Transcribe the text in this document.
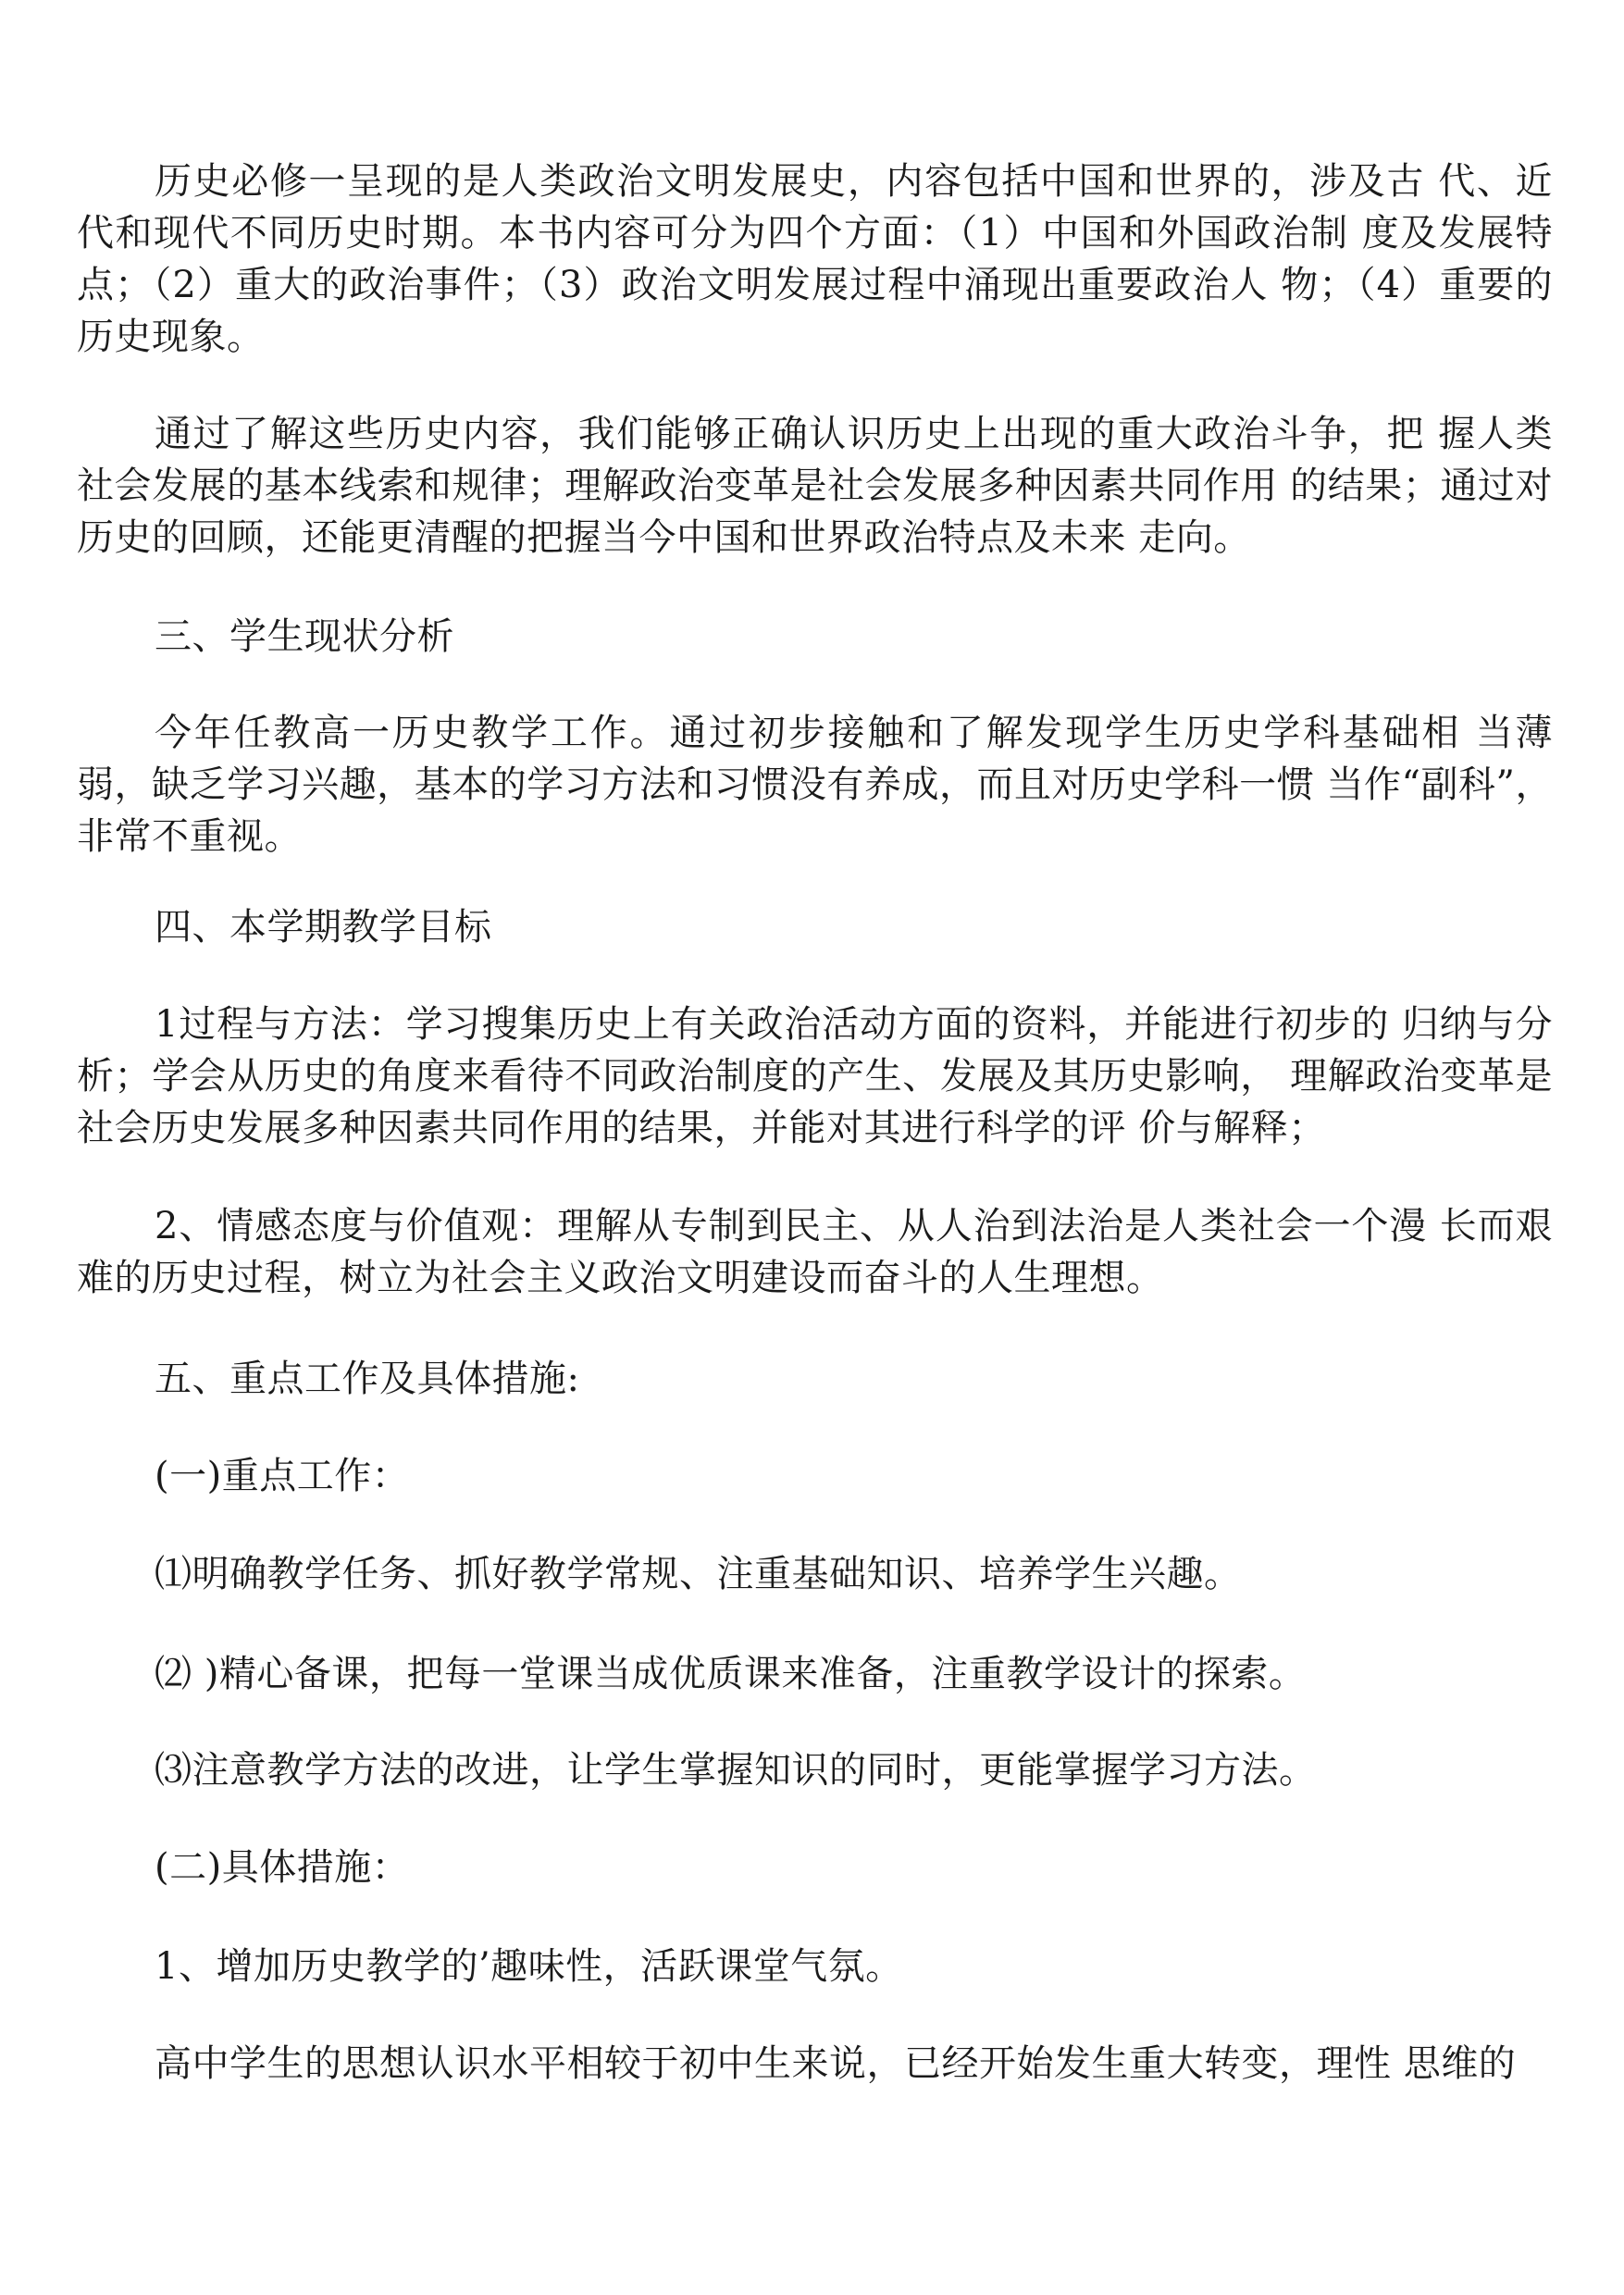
历史必修一呈现的是人类政治文明发展史，内容包括中国和世界的，涉及古 代、近代和现代不同历史时期。本书内容可分为四个方面：（1）中国和外国政治制 度及发展特点；（2）重大的政治事件；（3）政治文明发展过程中涌现出重要政治人 物；（4）重要的历史现象。

通过了解这些历史内容，我们能够正确认识历史上出现的重大政治斗争，把 握人类社会发展的基本线索和规律；理解政治变革是社会发展多种因素共同作用 的结果；通过对历史的回顾，还能更清醒的把握当今中国和世界政治特点及未来 走向。

三、学生现状分析

今年任教高一历史教学工作。通过初步接触和了解发现学生历史学科基础相 当薄弱，缺乏学习兴趣，基本的学习方法和习惯没有养成，而且对历史学科一惯 当作“副科”，非常不重视。

四、本学期教学目标

1过程与方法：学习搜集历史上有关政治活动方面的资料，并能进行初步的 归纳与分析；学会从历史的角度来看待不同政治制度的产生、发展及其历史影响， 理解政治变革是社会历史发展多种因素共同作用的结果，并能对其进行科学的评 价与解释；

2、情感态度与价值观：理解从专制到民主、从人治到法治是人类社会一个漫 长而艰难的历史过程，树立为社会主义政治文明建设而奋斗的人生理想。

五、重点工作及具体措施:

(一)重点工作：

⑴明确教学任务、抓好教学常规、注重基础知识、培养学生兴趣。

⑵ )精心备课，把每一堂课当成优质课来准备，注重教学设计的探索。

⑶注意教学方法的改进，让学生掌握知识的同时，更能掌握学习方法。

(二)具体措施：

1、增加历史教学的’趣味性，活跃课堂气氛。

高中学生的思想认识水平相较于初中生来说，已经开始发生重大转变，理性 思维的
